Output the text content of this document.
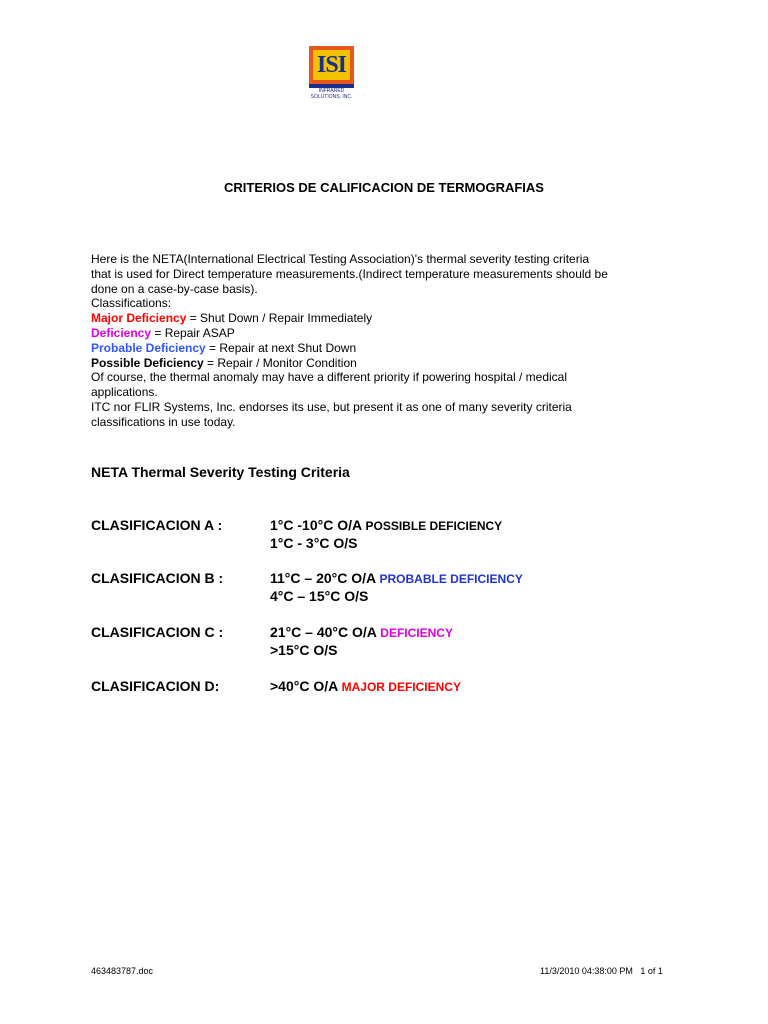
ISI
INFRARED
SOLUTIONS, INC.
CRITERIOS DE CALIFICACION DE TERMOGRAFIAS
Here is the NETA(International Electrical Testing Association)'s thermal severity testing criteria
that is used for Direct temperature measurements.(Indirect temperature measurements should be
done on a case-by-case basis).
Classifications:
Major Deficiency = Shut Down / Repair Immediately
Deficiency = Repair ASAP
Probable Deficiency = Repair at next Shut Down
Possible Deficiency = Repair / Monitor Condition
Of course, the thermal anomaly may have a different priority if powering hospital / medical
applications.
ITC nor FLIR Systems, Inc. endorses its use, but present it as one of many severity criteria
classifications in use today.
NETA Thermal Severity Testing Criteria
CLASIFICACION A :	1°C -10°C O/A POSSIBLE DEFICIENCY
1°C - 3°C O/S
CLASIFICACION B :	11°C – 20°C O/A PROBABLE DEFICIENCY
4°C – 15°C O/S
CLASIFICACION C :	21°C – 40°C O/A DEFICIENCY
>15°C O/S
CLASIFICACION D:	>40°C O/A MAJOR DEFICIENCY
463483787.doc	11/3/2010 04:38:00 PM 1 of 1
